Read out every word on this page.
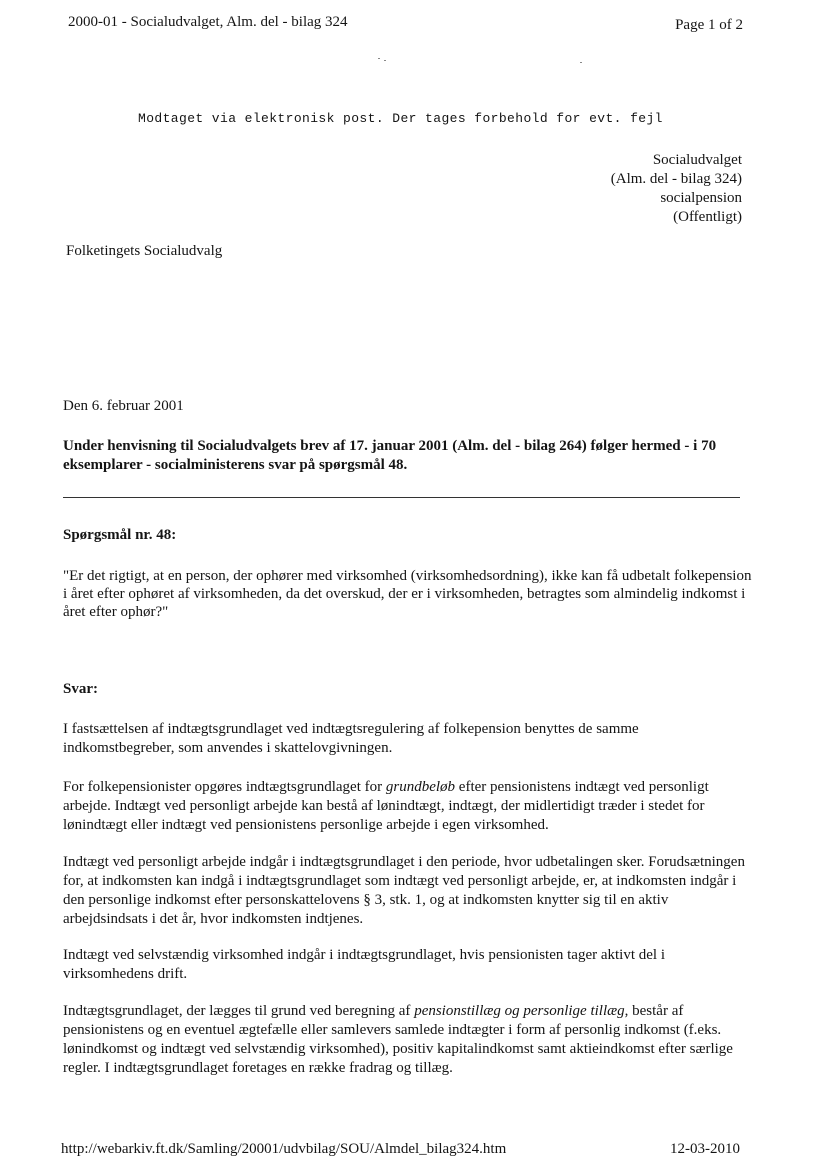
2000-01 - Socialudvalget, Alm. del - bilag 324	Page 1 of 2
Modtaget via elektronisk post. Der tages forbehold for evt. fejl
Socialudvalget
(Alm. del - bilag 324)
socialpension
(Offentligt)
Folketingets Socialudvalg
Den 6. februar 2001
Under henvisning til Socialudvalgets brev af 17. januar 2001 (Alm. del - bilag 264) følger hermed - i 70 eksemplarer - socialministerens svar på spørgsmål 48.
Spørgsmål nr. 48:
"Er det rigtigt, at en person, der ophører med virksomhed (virksomhedsordning), ikke kan få udbetalt folkepension i året efter ophøret af virksomheden, da det overskud, der er i virksomheden, betragtes som almindelig indkomst i året efter ophør?"
Svar:
I fastsættelsen af indtægtsgrundlaget ved indtægtsregulering af folkepension benyttes de samme indkomstbegreber, som anvendes i skattelovgivningen.
For folkepensionister opgøres indtægtsgrundlaget for grundbeløb efter pensionistens indtægt ved personligt arbejde. Indtægt ved personligt arbejde kan bestå af lønindtægt, indtægt, der midlertidigt træder i stedet for lønindtægt eller indtægt ved pensionistens personlige arbejde i egen virksomhed.
Indtægt ved personligt arbejde indgår i indtægtsgrundlaget i den periode, hvor udbetalingen sker. Forudsætningen for, at indkomsten kan indgå i indtægtsgrundlaget som indtægt ved personligt arbejde, er, at indkomsten indgår i den personlige indkomst efter personskattelovens § 3, stk. 1, og at indkomsten knytter sig til en aktiv arbejdsindsats i det år, hvor indkomsten indtjenes.
Indtægt ved selvstændig virksomhed indgår i indtægtsgrundlaget, hvis pensionisten tager aktivt del i virksomhedens drift.
Indtægtsgrundlaget, der lægges til grund ved beregning af pensionstillæg og personlige tillæg, består af pensionistens og en eventuel ægtefælle eller samlevers samlede indtægter i form af personlig indkomst (f.eks. lønindkomst og indtægt ved selvstændig virksomhed), positiv kapitalindkomst samt aktieindkomst efter særlige regler. I indtægtsgrundlaget foretages en række fradrag og tillæg.
http://webarkiv.ft.dk/Samling/20001/udvbilag/SOU/Almdel_bilag324.htm	12-03-2010
